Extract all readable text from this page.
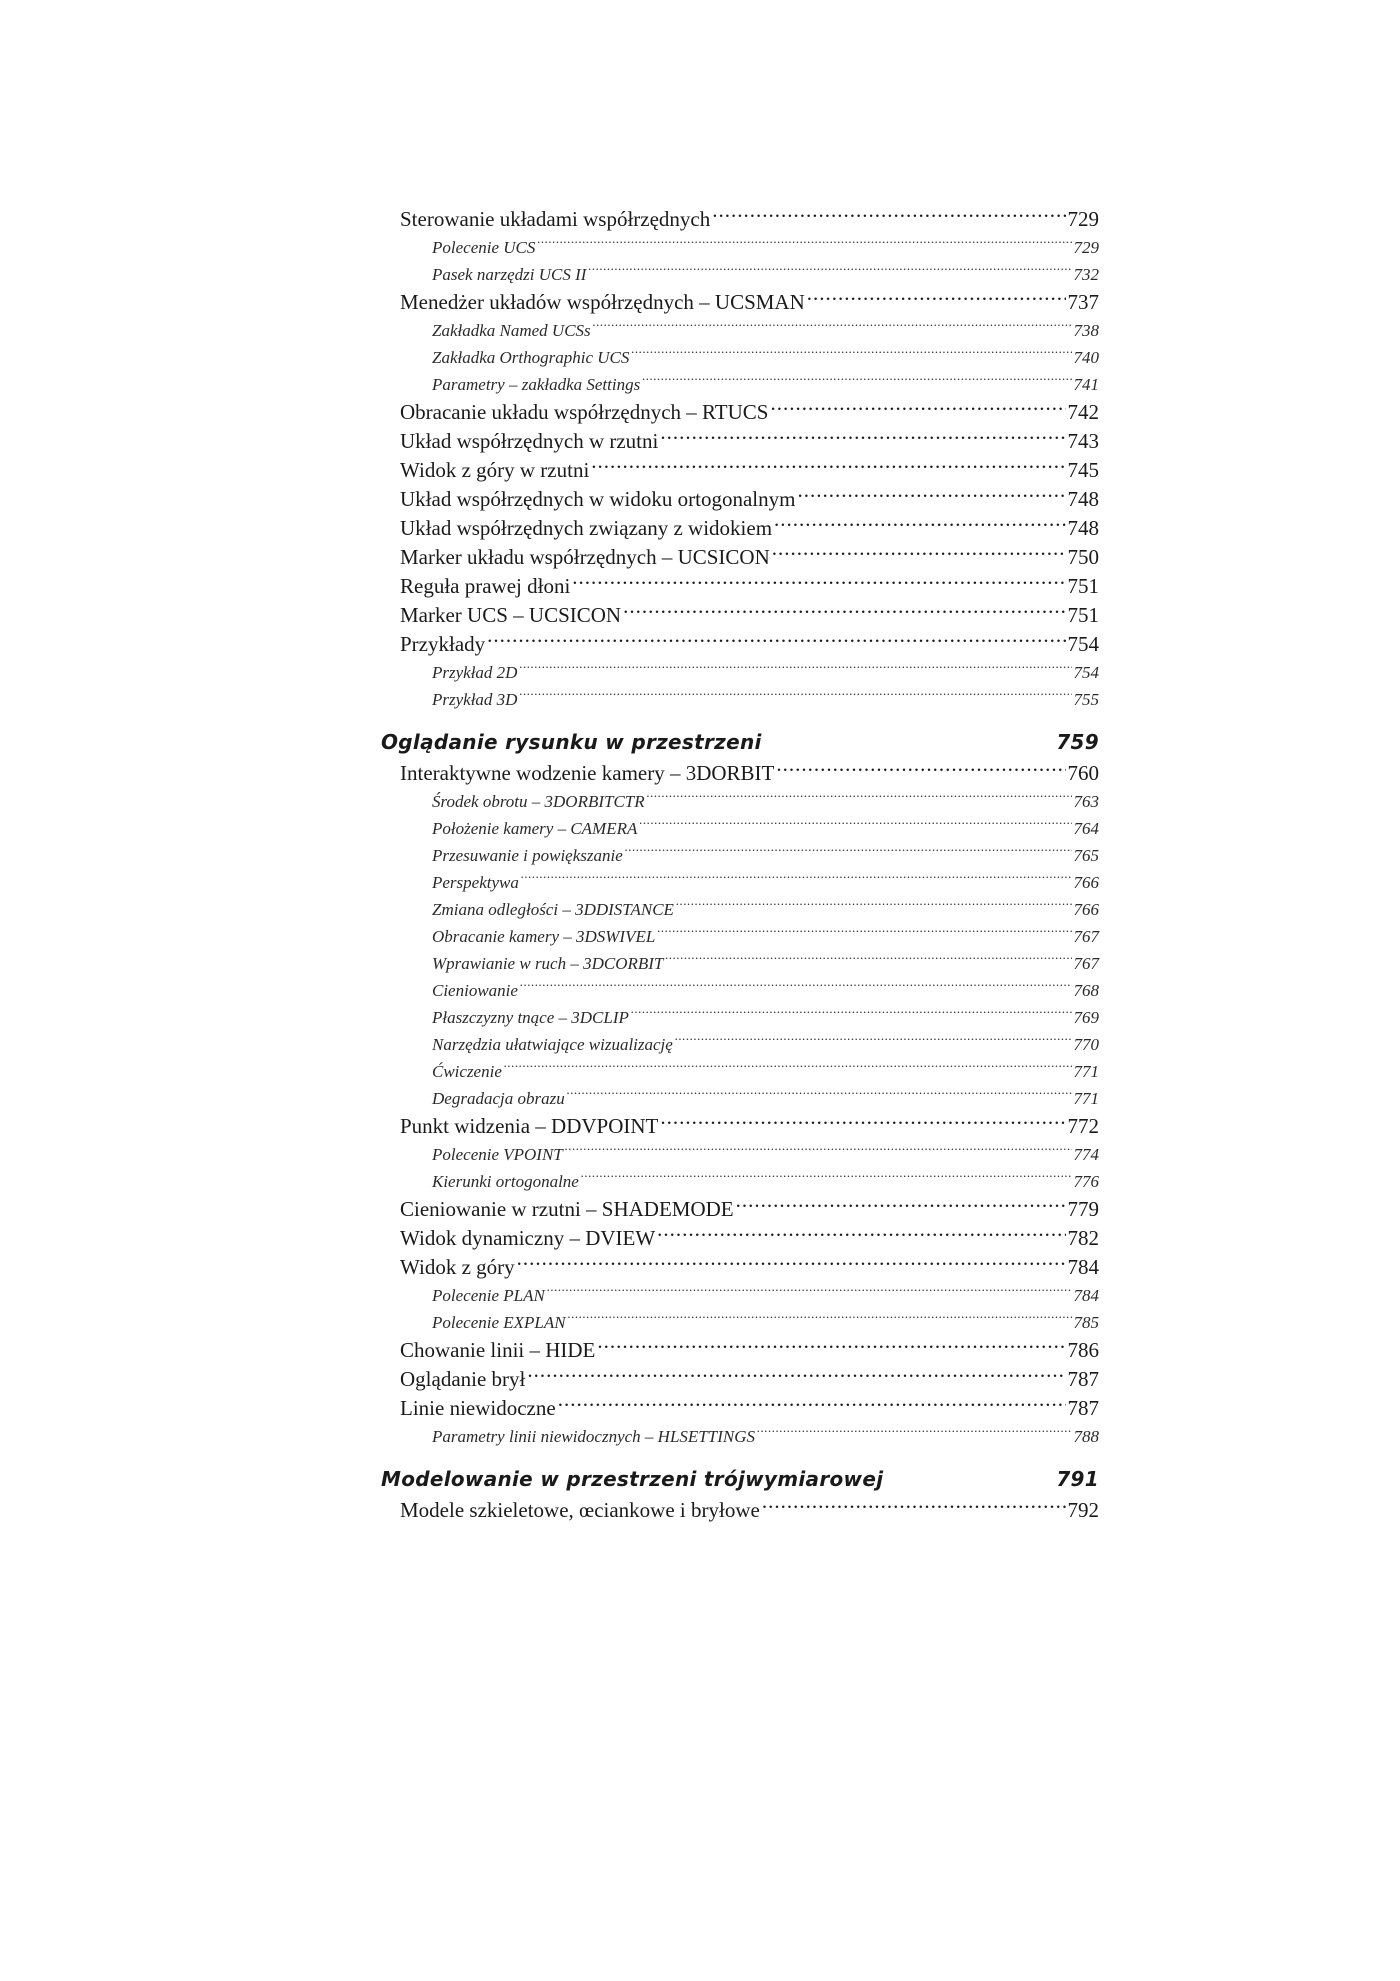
Sterowanie układami współrzędnych .....	729
Polecenie UCS .....	729
Pasek narzędzi UCS II .....	732
Menedżer układów współrzędnych – UCSMAN .....	737
Zakładka Named UCSs .....	738
Zakładka Orthographic UCS .....	740
Parametry – zakładka Settings .....	741
Obracanie układu współrzędnych – RTUCS .....	742
Układ współrzędnych w rzutni .....	743
Widok z góry w rzutni .....	745
Układ współrzędnych w widoku ortogonalnym .....	748
Układ współrzędnych związany z widokiem .....	748
Marker układu współrzędnych – UCSICON .....	750
Reguła prawej dłoni .....	751
Marker UCS – UCSICON .....	751
Przykłady .....	754
Przykład 2D .....	754
Przykład 3D .....	755
Oglądanie rysunku w przestrzeni	759
Interaktywne wodzenie kamery – 3DORBIT .....	760
Środek obrotu – 3DORBITCTR .....	763
Położenie kamery – CAMERA .....	764
Przesuwanie i powiększanie .....	765
Perspektywa .....	766
Zmiana odległości – 3DDISTANCE .....	766
Obracanie kamery – 3DSWIVEL .....	767
Wprawianie w ruch – 3DCORBIT .....	767
Cieniowanie .....	768
Płaszczyzny tnące – 3DCLIP .....	769
Narzędzia ułatwiające wizualizację .....	770
Ćwiczenie .....	771
Degradacja obrazu .....	771
Punkt widzenia – DDVPOINT .....	772
Polecenie VPOINT .....	774
Kierunki ortogonalne .....	776
Cieniowanie w rzutni – SHADEMODE .....	779
Widok dynamiczny – DVIEW .....	782
Widok z góry .....	784
Polecenie PLAN .....	784
Polecenie EXPLAN .....	785
Chowanie linii – HIDE .....	786
Oglądanie brył .....	787
Linie niewidoczne .....	787
Parametry linii niewidocznych – HLSETTINGS .....	788
Modelowanie w przestrzeni trójwymiarowej	791
Modele szkieletowe, œciankowe i bryłowe .....	792
